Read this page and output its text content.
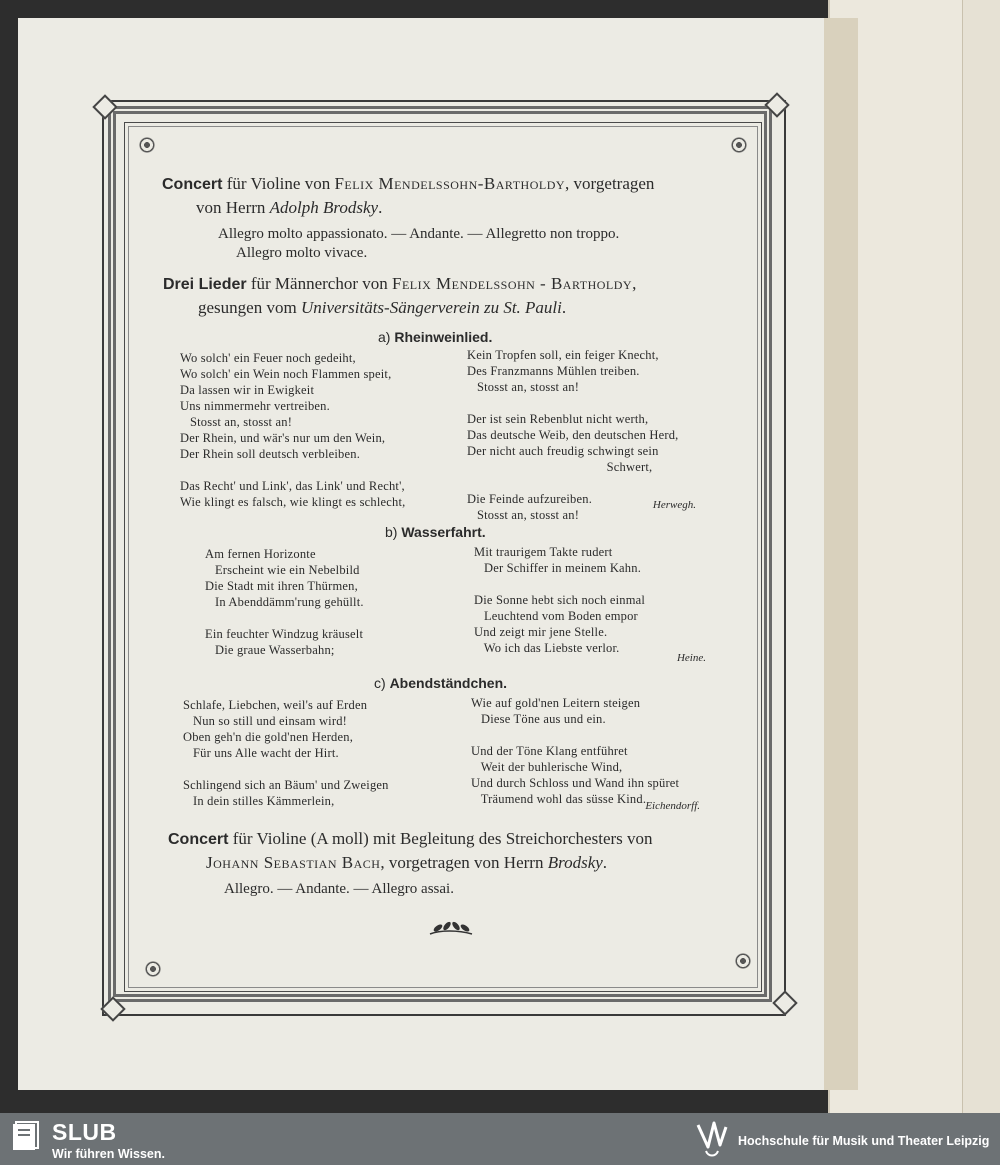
Concert für Violine von Felix Mendelssohn-Bartholdy, vorgetragen
von Herrn Adolph Brodsky.
Allegro molto appassionato. — Andante. — Allegretto non troppo.
Allegro molto vivace.
Drei Lieder für Männerchor von Felix Mendelssohn - Bartholdy,
gesungen vom Universitäts-Sängerverein zu St. Pauli.
a) Rheinweinlied.
Wo solch' ein Feuer noch gedeiht,
Wo solch' ein Wein noch Flammen speit,
Da lassen wir in Ewigkeit
Uns nimmermehr vertreiben.
Stosst an, stosst an!
Der Rhein, und wär's nur um den Wein,
Der Rhein soll deutsch verbleiben.

Das Recht' und Link', das Link' und Recht',
Wie klingt es falsch, wie klingt es schlecht,
Kein Tropfen soll, ein feiger Knecht,
Des Franzmanns Mühlen treiben.
Stosst an, stosst an!

Der ist sein Rebenblut nicht werth,
Das deutsche Weib, den deutschen Herd,
Der nicht auch freudig schwingt sein
Schwert,

Die Feinde aufzureiben.
Stosst an, stosst an!
Herwegh.
b) Wasserfahrt.
Am fernen Horizonte
Erscheint wie ein Nebelbild
Die Stadt mit ihren Thürmen,
In Abenddämm'rung gehüllt.

Ein feuchter Windzug kräuselt
Die graue Wasserbahn;
Mit traurigem Takte rudert
Der Schiffer in meinem Kahn.

Die Sonne hebt sich noch einmal
Leuchtend vom Boden empor
Und zeigt mir jene Stelle.
Wo ich das Liebste verlor.
Heine.
c) Abendständchen.
Schlafe, Liebchen, weil's auf Erden
Nun so still und einsam wird!
Oben geh'n die gold'nen Herden,
Für uns Alle wacht der Hirt.

Schlingend sich an Bäum' und Zweigen
In dein stilles Kämmerlein,
Wie auf gold'nen Leitern steigen
Diese Töne aus und ein.

Und der Töne Klang entführet
Weit der buhlerische Wind,
Und durch Schloss und Wand ihn spüret
Träumend wohl das süsse Kind. Eichendorff.
Concert für Violine (A moll) mit Begleitung des Streichorchesters von
Johann Sebastian Bach, vorgetragen von Herrn Brodsky.
Allegro. — Andante. — Allegro assai.
SLUB
Wir führen Wissen.
Hochschule für Musik und Theater Leipzig
